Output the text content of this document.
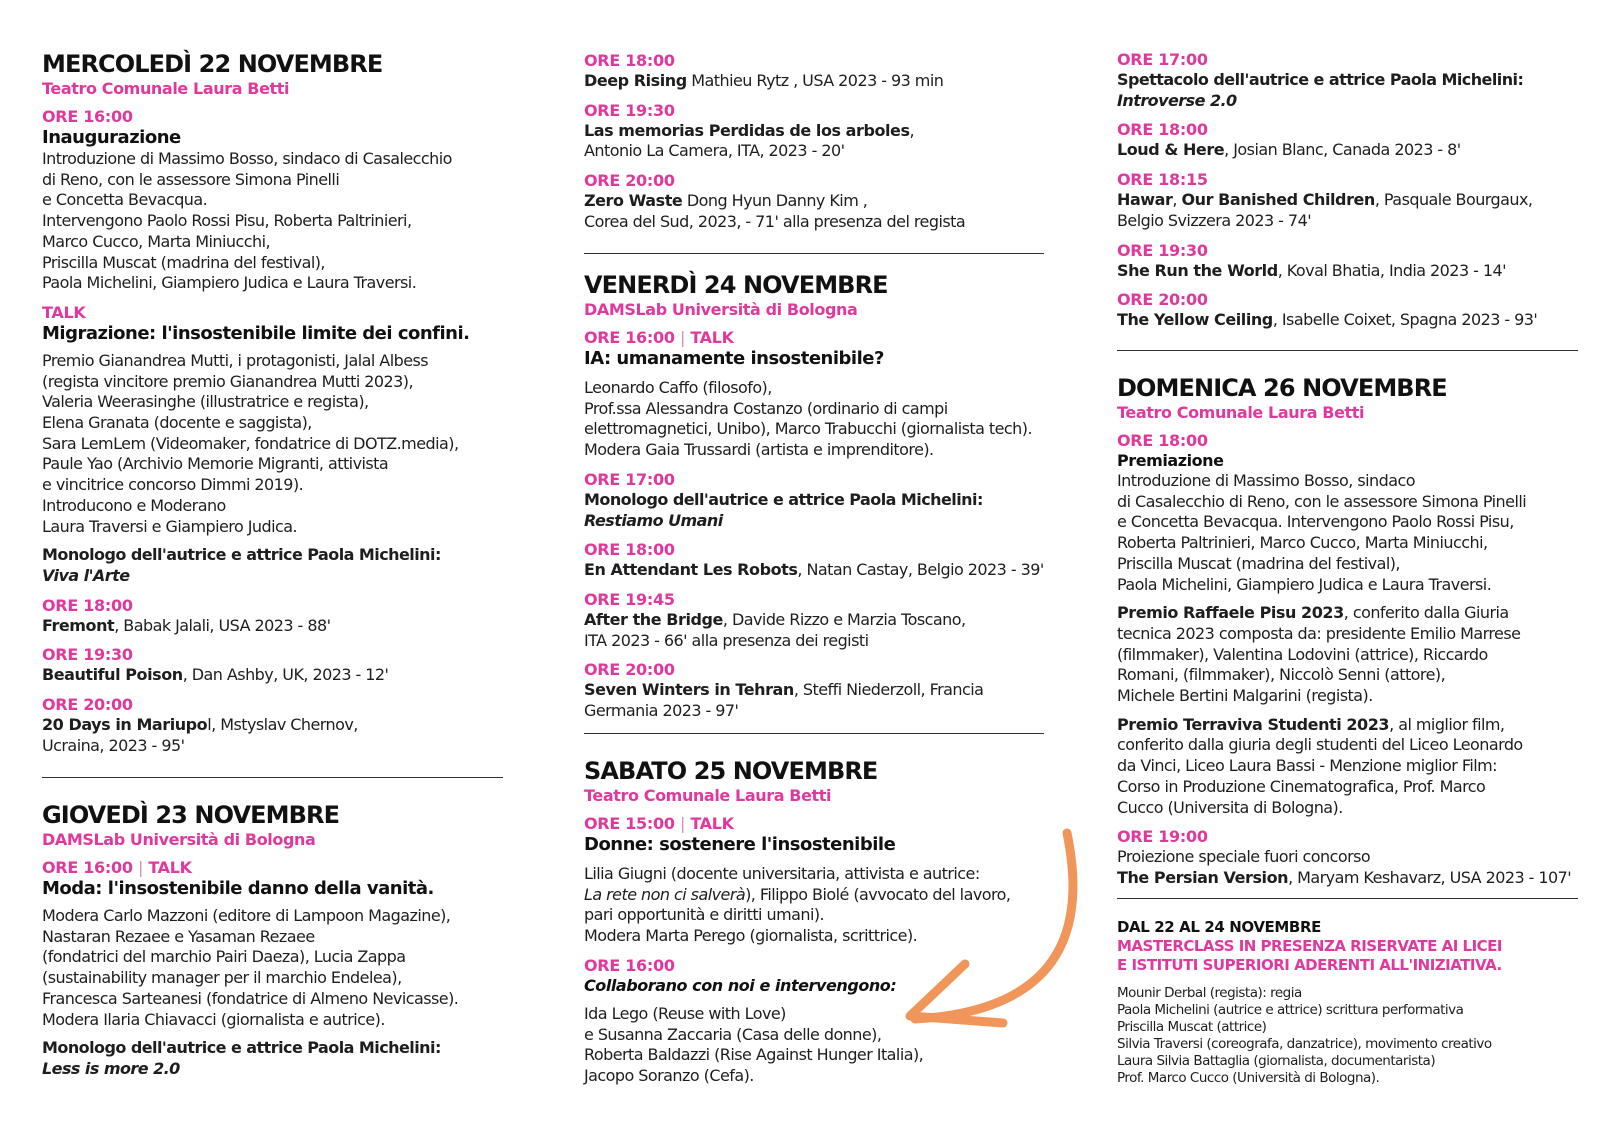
MERCOLEDÌ 22 NOVEMBRE
Teatro Comunale Laura Betti
ORE 16:00
Inaugurazione
Introduzione di Massimo Bosso, sindaco di Casalecchio
di Reno, con le assessore Simona Pinelli
e Concetta Bevacqua.
Intervengono Paolo Rossi Pisu, Roberta Paltrinieri,
Marco Cucco, Marta Miniucchi,
Priscilla Muscat (madrina del festival),
Paola Michelini, Giampiero Judica e Laura Traversi.
TALK
Migrazione: l'insostenibile limite dei confini.
Premio Gianandrea Mutti, i protagonisti, Jalal Albess
(regista vincitore premio Gianandrea Mutti 2023),
Valeria Weerasinghe (illustratrice e regista),
Elena Granata (docente e saggista),
Sara LemLem (Videomaker, fondatrice di DOTZ.media),
Paule Yao (Archivio Memorie Migranti, attivista
e vincitrice concorso Dimmi 2019).
Introducono e Moderano
Laura Traversi e Giampiero Judica.
Monologo dell'autrice e attrice Paola Michelini:
Viva l'Arte
ORE 18:00
Fremont, Babak Jalali, USA 2023 - 88'
ORE 19:30
Beautiful Poison, Dan Ashby, UK, 2023 - 12'
ORE 20:00
20 Days in Mariupol, Mstyslav Chernov,
Ucraina, 2023 - 95'
GIOVEDÌ 23 NOVEMBRE
DAMSLab Università di Bologna
ORE 16:00 | TALK
Moda: l'insostenibile danno della vanità.
Modera Carlo Mazzoni (editore di Lampoon Magazine),
Nastaran Rezaee e Yasaman Rezaee
(fondatrici del marchio Pairi Daeza), Lucia Zappa
(sustainability manager per il marchio Endelea),
Francesca Sarteanesi (fondatrice di Almeno Nevicasse).
Modera Ilaria Chiavacci (giornalista e autrice).
Monologo dell'autrice e attrice Paola Michelini:
Less is more 2.0
ORE 18:00
Deep Rising Mathieu Rytz , USA 2023 - 93 min
ORE 19:30
Las memorias Perdidas de los arboles,
Antonio La Camera, ITA, 2023 - 20'
ORE 20:00
Zero Waste Dong Hyun Danny Kim ,
Corea del Sud, 2023, - 71' alla presenza del regista
VENERDÌ 24 NOVEMBRE
DAMSLab Università di Bologna
ORE 16:00 | TALK
IA: umanamente insostenibile?
Leonardo Caffo (filosofo),
Prof.ssa Alessandra Costanzo (ordinario di campi
elettromagnetici, Unibo), Marco Trabucchi (giornalista tech).
Modera Gaia Trussardi (artista e imprenditore).
ORE 17:00
Monologo dell'autrice e attrice Paola Michelini:
Restiamo Umani
ORE 18:00
En Attendant Les Robots, Natan Castay, Belgio 2023 - 39'
ORE 19:45
After the Bridge, Davide Rizzo e Marzia Toscano,
ITA 2023 - 66' alla presenza dei registi
ORE 20:00
Seven Winters in Tehran, Steffi Niederzoll, Francia
Germania 2023 - 97'
SABATO 25 NOVEMBRE
Teatro Comunale Laura Betti
ORE 15:00 | TALK
Donne: sostenere l'insostenibile
Lilia Giugni (docente universitaria, attivista e autrice:
La rete non ci salverà), Filippo Biolé (avvocato del lavoro,
pari opportunità e diritti umani).
Modera Marta Perego (giornalista, scrittrice).
ORE 16:00
Collaborano con noi e intervengono:
Ida Lego (Reuse with Love)
e Susanna Zaccaria (Casa delle donne),
Roberta Baldazzi (Rise Against Hunger Italia),
Jacopo Soranzo (Cefa).
ORE 17:00
Spettacolo dell'autrice e attrice Paola Michelini:
Introverse 2.0
ORE 18:00
Loud & Here, Josian Blanc, Canada 2023 - 8'
ORE 18:15
Hawar, Our Banished Children, Pasquale Bourgaux,
Belgio Svizzera 2023 - 74'
ORE 19:30
She Run the World, Koval Bhatia, India 2023 - 14'
ORE 20:00
The Yellow Ceiling, Isabelle Coixet, Spagna 2023 - 93'
DOMENICA 26 NOVEMBRE
Teatro Comunale Laura Betti
ORE 18:00
Premiazione
Introduzione di Massimo Bosso, sindaco
di Casalecchio di Reno, con le assessore Simona Pinelli
e Concetta Bevacqua. Intervengono Paolo Rossi Pisu,
Roberta Paltrinieri, Marco Cucco, Marta Miniucchi,
Priscilla Muscat (madrina del festival),
Paola Michelini, Giampiero Judica e Laura Traversi.
Premio Raffaele Pisu 2023, conferito dalla Giuria
tecnica 2023 composta da: presidente Emilio Marrese
(filmmaker), Valentina Lodovini (attrice), Riccardo
Romani, (filmmaker), Niccolò Senni (attore),
Michele Bertini Malgarini (regista).
Premio Terraviva Studenti 2023, al miglior film,
conferito dalla giuria degli studenti del Liceo Leonardo
da Vinci, Liceo Laura Bassi - Menzione miglior Film:
Corso in Produzione Cinematografica, Prof. Marco
Cucco (Universita di Bologna).
ORE 19:00
Proiezione speciale fuori concorso
The Persian Version, Maryam Keshavarz, USA 2023 - 107'
DAL 22 AL 24 NOVEMBRE
MASTERCLASS IN PRESENZA RISERVATE AI LICEI
E ISTITUTI SUPERIORI ADERENTI ALL'INIZIATIVA.
Mounir Derbal (regista): regia
Paola Michelini (autrice e attrice) scrittura performativa
Priscilla Muscat (attrice)
Silvia Traversi (coreografa, danzatrice), movimento creativo
Laura Silvia Battaglia (giornalista, documentarista)
Prof. Marco Cucco (Università di Bologna).
